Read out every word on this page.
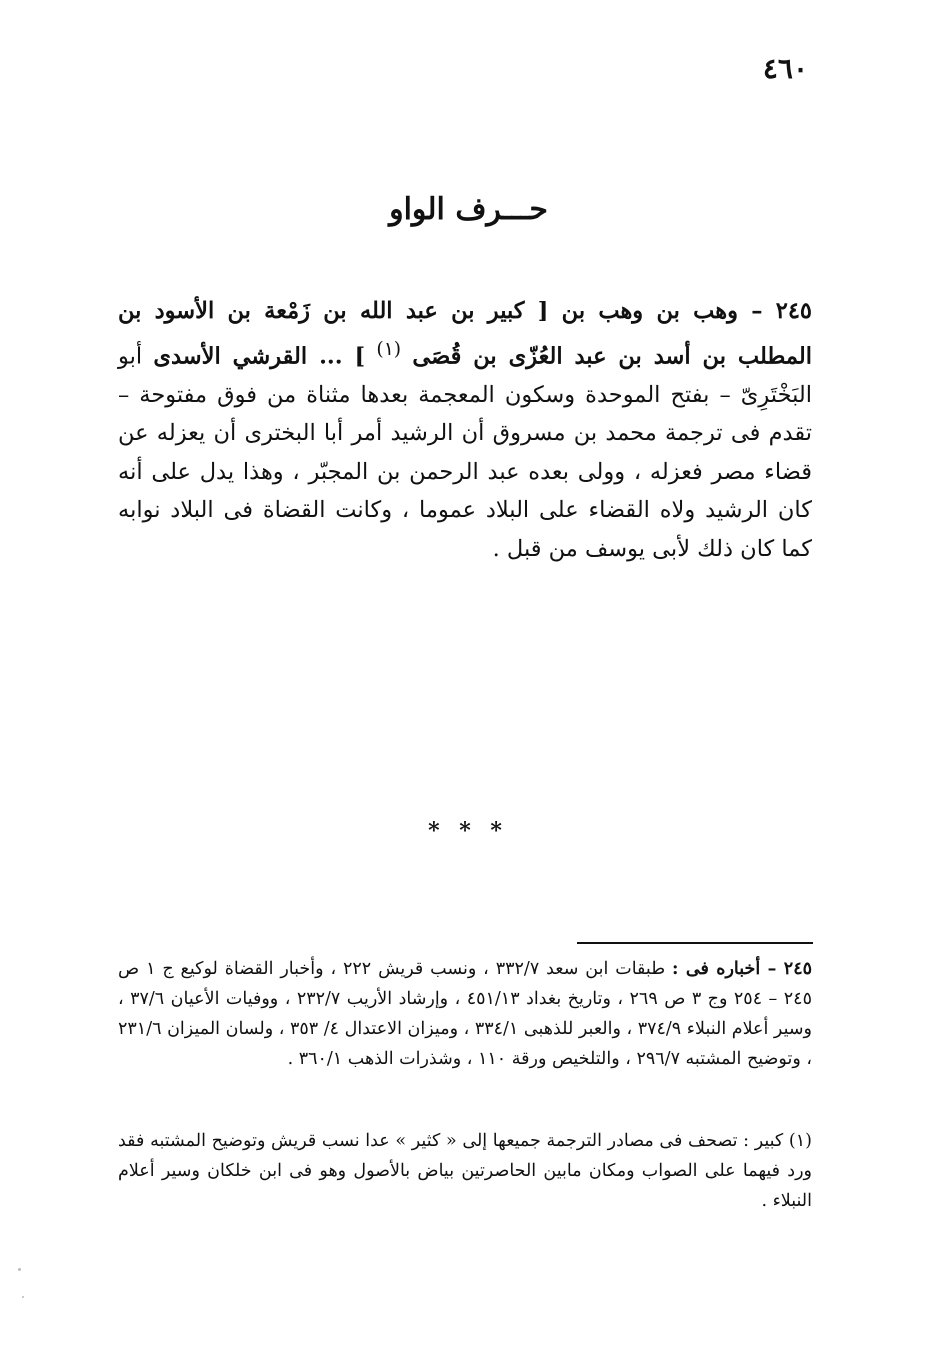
٤٦٠
حـــرف الواو
٢٤٥ – وهب بن وهب بن [ كبير بن عبد الله بن زَمْعة بن الأسود بن المطلب بن أسد بن عبد العُزّى بن قُصَى $^{(١)}$ ] ... القرشي الأسدى أبو البَخْتَرِىّ – بفتح الموحدة وسكون المعجمة بعدها مثناة من فوق مفتوحة – تقدم فى ترجمة محمد بن مسروق أن الرشيد أمر أبا البخترى أن يعزله عن قضاء مصر فعزله ، وولى بعده عبد الرحمن بن المجبّر ، وهذا يدل على أنه كان الرشيد ولاه القضاء على البلاد عموما ، وكانت القضاة فى البلاد نوابه كما كان ذلك لأبى يوسف من قبل .
* * *
٢٤٥ – أخباره فى : طبقات ابن سعد ٣٣٢/٧ ، ونسب قريش ٢٢٢ ، وأخبار القضاة لوكيع ج ١ ص ٢٤٥ – ٢٥٤ وج ٣ ص ٢٦٩ ، وتاريخ بغداد ٤٥١/١٣ ، وإرشاد الأريب ٢٣٢/٧ ، ووفيات الأعيان ٣٧/٦ ، وسير أعلام النبلاء ٣٧٤/٩ ، والعبر للذهبى ٣٣٤/١ ، وميزان الاعتدال ٤/ ٣٥٣ ، ولسان الميزان ٢٣١/٦ ، وتوضيح المشتبه ٢٩٦/٧ ، والتلخيص ورقة ١١٠ ، وشذرات الذهب ٣٦٠/١ .
(١) كبير : تصحف فى مصادر الترجمة جميعها إلى « كثير » عدا نسب قريش وتوضيح المشتبه فقد ورد فيهما على الصواب ومكان مابين الحاصرتين بياض بالأصول وهو فى ابن خلكان وسير أعلام النبلاء .
